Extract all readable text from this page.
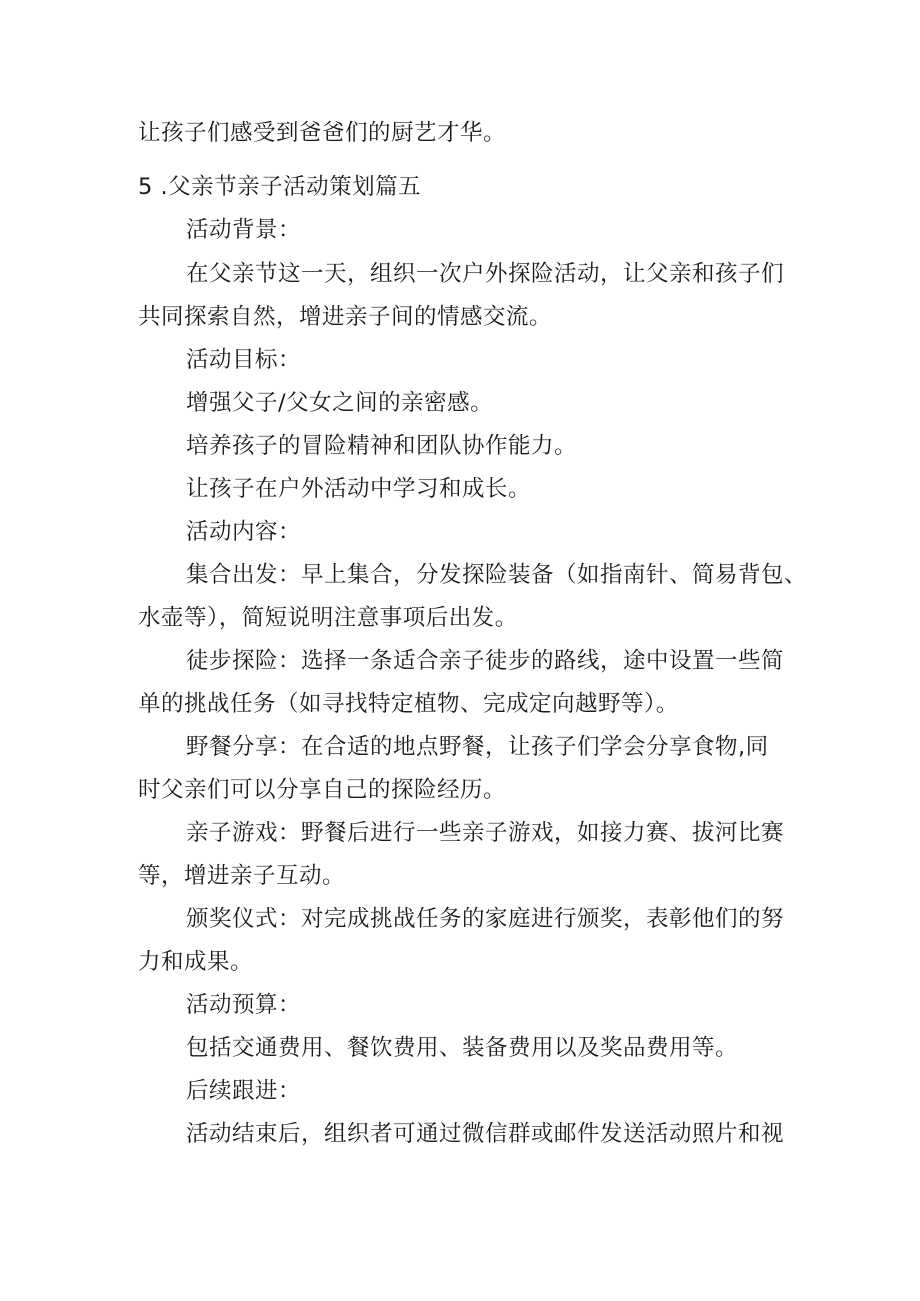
让孩子们感受到爸爸们的厨艺才华。
5 .父亲节亲子活动策划篇五
活动背景：
在父亲节这一天，组织一次户外探险活动，让父亲和孩子们
共同探索自然，增进亲子间的情感交流。
活动目标：
增强父子/父女之间的亲密感。
培养孩子的冒险精神和团队协作能力。
让孩子在户外活动中学习和成长。
活动内容：
集合出发：早上集合，分发探险装备（如指南针、简易背包、
水壶等），简短说明注意事项后出发。
徒步探险：选择一条适合亲子徒步的路线，途中设置一些简
单的挑战任务（如寻找特定植物、完成定向越野等）。
野餐分享：在合适的地点野餐，让孩子们学会分享食物,同
时父亲们可以分享自己的探险经历。
亲子游戏：野餐后进行一些亲子游戏，如接力赛、拔河比赛
等，增进亲子互动。
颁奖仪式：对完成挑战任务的家庭进行颁奖，表彰他们的努
力和成果。
活动预算：
包括交通费用、餐饮费用、装备费用以及奖品费用等。
后续跟进：
活动结束后，组织者可通过微信群或邮件发送活动照片和视
